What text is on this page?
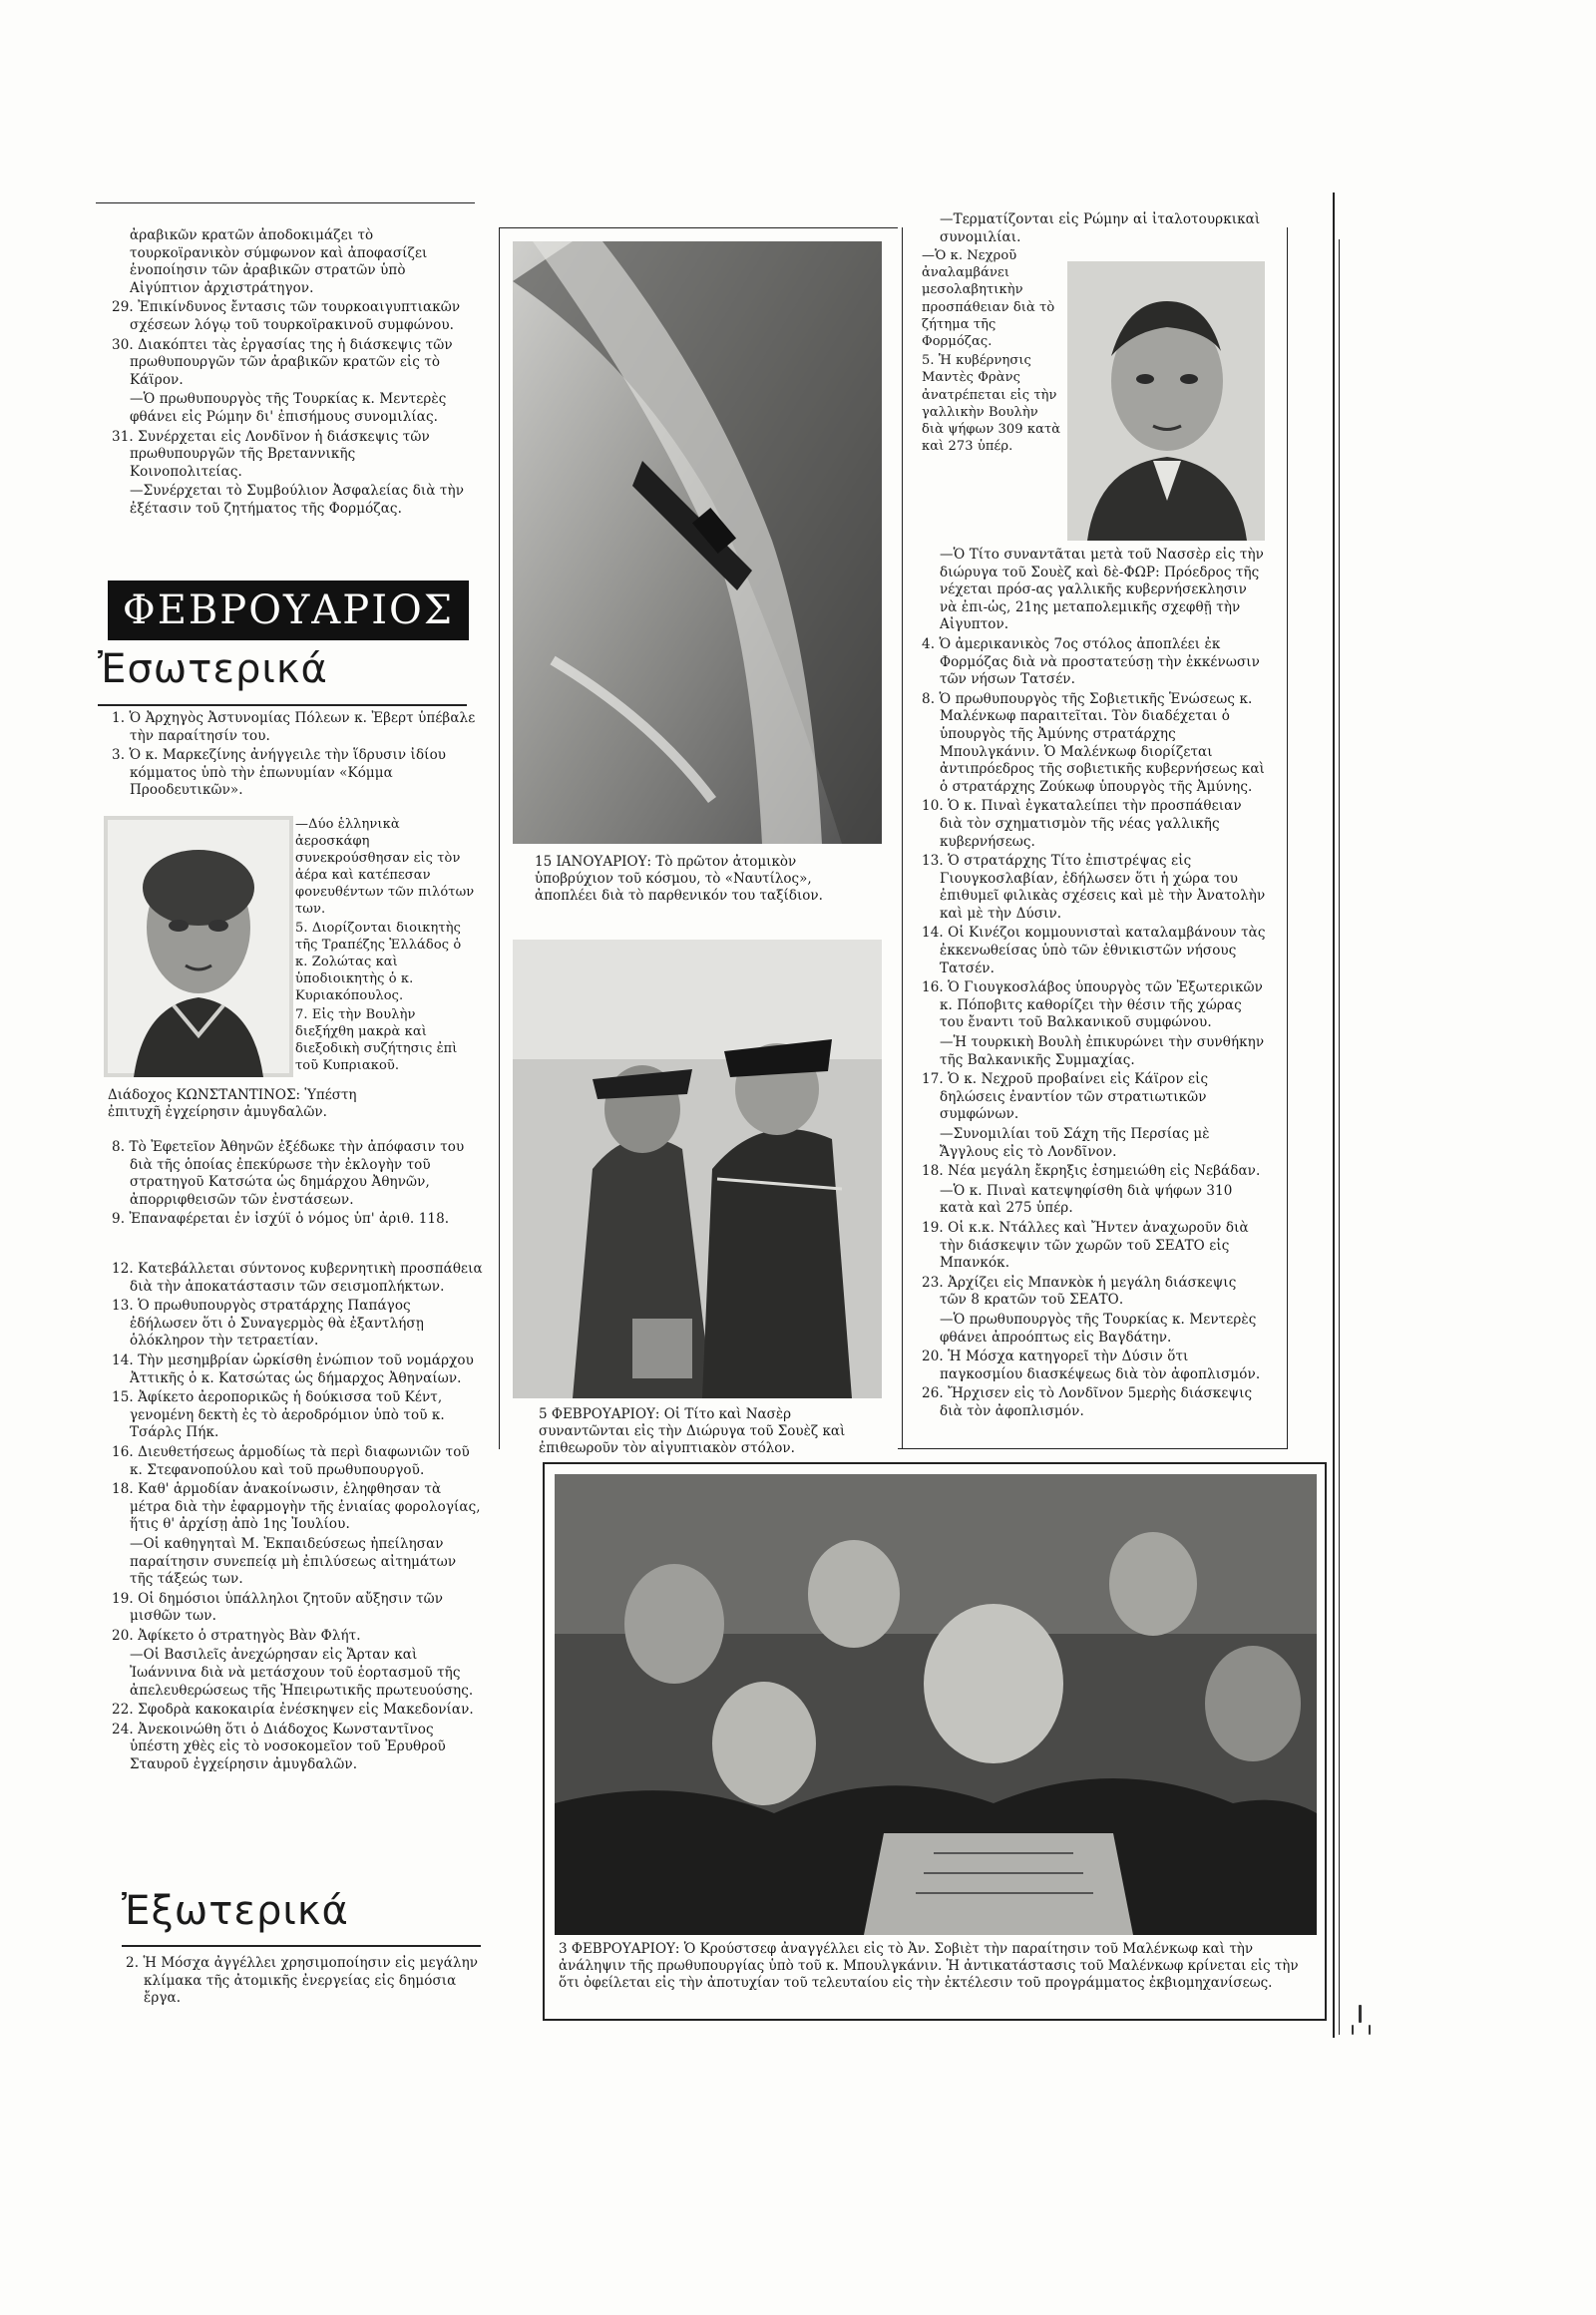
ἀραβικῶν κρατῶν ἀποδοκιμάζει τὸ τουρκοϊρανικὸν σύμφωνον καὶ ἀποφασίζει ἑνοποίησιν τῶν ἀραβικῶν στρατῶν ὑπὸ Αἰγύπτιον ἀρχιστράτηγον.

29. Ἐπικίνδυνος ἔντασις τῶν τουρκοαιγυπτιακῶν σχέσεων λόγῳ τοῦ τουρκοϊρακινοῦ συμφώνου.

30. Διακόπτει τὰς ἐργασίας της ἡ διάσκεψις τῶν πρωθυπουργῶν τῶν ἀραβικῶν κρατῶν εἰς τὸ Κάϊρον.

—Ὁ πρωθυπουργὸς τῆς Τουρκίας κ. Μεντερὲς φθάνει εἰς Ρώμην δι' ἐπισήμους συνομιλίας.

31. Συνέρχεται εἰς Λονδῖνον ἡ διάσκεψις τῶν πρωθυπουργῶν τῆς Βρεταννικῆς Κοινοπολιτείας.

—Συνέρχεται τὸ Συμβούλιον Ἀσφαλείας διὰ τὴν ἐξέτασιν τοῦ ζητήματος τῆς Φορμόζας.

ΦΕΒΡΟΥΑΡΙΟΣ
Ἐσωτερικά

1. Ὁ Ἀρχηγὸς Ἀστυνομίας Πόλεων κ. Ἐβερτ ὑπέβαλε τὴν παραίτησίν του.

3. Ὁ κ. Μαρκεζίνης ἀνήγγειλε τὴν ἵδρυσιν ἰδίου κόμματος ὑπὸ τὴν ἐπωνυμίαν «Κόμμα Προοδευτικῶν».

—Δύο ἑλληνικὰ ἀεροσκάφη συνεκρούσθησαν εἰς τὸν ἀέρα καὶ κατέπεσαν φονευθέντων τῶν πιλότων των.

5. Διορίζονται διοικητὴς τῆς Τραπέζης Ἑλλάδος ὁ κ. Ζολώτας καὶ ὑποδιοικητὴς ὁ κ. Κυριακόπουλος.

7. Εἰς τὴν Βουλὴν διεξήχθη μακρὰ καὶ διεξοδικὴ συζήτησις ἐπὶ τοῦ Κυπριακοῦ.

Διάδοχος ΚΩΝΣΤΑΝΤΙΝΟΣ: Ὑπέστη ἐπιτυχῆ ἐγχείρησιν ἀμυγδαλῶν.

8. Τὸ Ἐφετεῖον Ἀθηνῶν ἐξέδωκε τὴν ἀπόφασιν του διὰ τῆς ὁποίας ἐπεκύρωσε τὴν ἐκλογὴν τοῦ στρατηγοῦ Κατσώτα ὡς δημάρχου Ἀθηνῶν, ἀπορριφθεισῶν τῶν ἐνστάσεων.

9. Ἐπαναφέρεται ἐν ἰσχύϊ ὁ νόμος ὑπ' ἀριθ. 118.

12. Κατεβάλλεται σύντονος κυβερνητικὴ προσπάθεια διὰ τὴν ἀποκατάστασιν τῶν σεισμοπλήκτων.

13. Ὁ πρωθυπουργὸς στρατάρχης Παπάγος ἐδήλωσεν ὅτι ὁ Συναγερμὸς θὰ ἐξαντλήσῃ ὁλόκληρον τὴν τετραετίαν.

14. Τὴν μεσημβρίαν ὡρκίσθη ἐνώπιον τοῦ νομάρχου Ἀττικῆς ὁ κ. Κατσώτας ὡς δήμαρχος Ἀθηναίων.

15. Ἀφίκετο ἀεροπορικῶς ἡ δούκισσα τοῦ Κέντ, γενομένη δεκτὴ ἐς τὸ ἀεροδρόμιον ὑπὸ τοῦ κ. Τσάρλς Πήκ.

16. Διευθετήσεως ἁρμοδίως τὰ περὶ διαφωνιῶν τοῦ κ. Στεφανοπούλου καὶ τοῦ πρωθυπουργοῦ.

18. Καθ' ἁρμοδίαν ἀνακοίνωσιν, ἐληφθησαν τὰ μέτρα διὰ τὴν ἐφαρμογὴν τῆς ἑνιαίας φορολογίας, ἥτις θ' ἀρχίσῃ ἀπὸ 1ης Ἰουλίου.

—Οἱ καθηγηταὶ Μ. Ἐκπαιδεύσεως ἠπείλησαν παραίτησιν συνεπείᾳ μὴ ἐπιλύσεως αἰτημάτων τῆς τάξεώς των.

19. Οἱ δημόσιοι ὑπάλληλοι ζητοῦν αὔξησιν τῶν μισθῶν των.

20. Ἀφίκετο ὁ στρατηγὸς Βὰν Φλήτ.

—Οἱ Βασιλεῖς ἀνεχώρησαν εἰς Ἄρταν καὶ Ἰωάννινα διὰ νὰ μετάσχουν τοῦ ἑορτασμοῦ τῆς ἀπελευθερώσεως τῆς Ἠπειρωτικῆς πρωτευούσης.

22. Σφοδρὰ κακοκαιρία ἐνέσκηψεν εἰς Μακεδονίαν.

24. Ἀνεκοινώθη ὅτι ὁ Διάδοχος Κωνσταντῖνος ὑπέστη χθὲς εἰς τὸ νοσοκομεῖον τοῦ Ἐρυθροῦ Σταυροῦ ἐγχείρησιν ἀμυγδαλῶν.

Ἐξωτερικά

2. Ἡ Μόσχα ἀγγέλλει χρησιμοποίησιν εἰς μεγάλην κλίμακα τῆς ἀτομικῆς ἐνεργείας εἰς δημόσια ἔργα.

15 ΙΑΝΟΥΑΡΙΟΥ: Τὸ πρῶτον ἀτομικὸν ὑποβρύχιον τοῦ κόσμου, τὸ «Ναυτίλος», ἀποπλέει διὰ τὸ παρθενικόν του ταξίδιον.
5 ΦΕΒΡΟΥΑΡΙΟΥ: Οἱ Τίτο καὶ Νασὲρ συναντῶνται εἰς τὴν Διώρυγα τοῦ Σουὲζ καὶ ἐπιθεωροῦν τὸν αἰγυπτιακὸν στόλον.

—Τερματίζονται εἰς Ρώμην αἱ ἰταλοτουρκικαὶ συνομιλίαι.

—Ὁ κ. Νεχροῦ ἀναλαμβάνει μεσολαβητικὴν προσπάθειαν διὰ τὸ ζήτημα τῆς Φορμόζας.

5. Ἡ κυβέρνησις Μαντὲς Φρὰνς ἀνατρέπεται εἰς τὴν γαλλικὴν Βουλὴν διὰ ψήφων 309 κατὰ καὶ 273 ὑπέρ.

—Ὁ Τίτο συναντᾶται μετὰ τοῦ Νασσὲρ εἰς τὴν διώρυγα τοῦ Σουὲζ καὶ δὲ-ΦΩΡ: Πρόεδρος τῆς νέχεται πρόσ-ας γαλλικῆς κυβερνήσεκλησιν νὰ ἐπι-ὡς, 21ης μεταπολεμικῆς σχεφθῇ τὴν Αἰγυπτον.

4. Ὁ ἀμερικανικὸς 7ος στόλος ἀποπλέει ἐκ Φορμόζας διὰ νὰ προστατεύσῃ τὴν ἐκκένωσιν τῶν νήσων Τατσέν.

8. Ὁ πρωθυπουργὸς τῆς Σοβιετικῆς Ἑνώσεως κ. Μαλένκωφ παραιτεῖται. Τὸν διαδέχεται ὁ ὑπουργὸς τῆς Ἀμύνης στρατάρχης Μπουλγκάνιν. Ὁ Μαλένκωφ διορίζεται ἀντιπρόεδρος τῆς σοβιετικῆς κυβερνήσεως καὶ ὁ στρατάρχης Ζούκωφ ὑπουργὸς τῆς Ἀμύνης.

10. Ὁ κ. Πιναὶ ἐγκαταλείπει τὴν προσπάθειαν διὰ τὸν σχηματισμὸν τῆς νέας γαλλικῆς κυβερνήσεως.

13. Ὁ στρατάρχης Τίτο ἐπιστρέψας εἰς Γιουγκοσλαβίαν, ἐδήλωσεν ὅτι ἡ χώρα του ἐπιθυμεῖ φιλικὰς σχέσεις καὶ μὲ τὴν Ἀνατολὴν καὶ μὲ τὴν Δύσιν.

14. Οἱ Κινέζοι κομμουνισταὶ καταλαμβάνουν τὰς ἐκκενωθείσας ὑπὸ τῶν ἐθνικιστῶν νήσους Τατσέν.

16. Ὁ Γιουγκοσλάβος ὑπουργὸς τῶν Ἐξωτερικῶν κ. Πόποβιτς καθορίζει τὴν θέσιν τῆς χώρας του ἔναντι τοῦ Βαλκανικοῦ συμφώνου.

—Ἡ τουρκικὴ Βουλὴ ἐπικυρώνει τὴν συνθήκην τῆς Βαλκανικῆς Συμμαχίας.

17. Ὁ κ. Νεχροῦ προβαίνει εἰς Κάϊρον εἰς δηλώσεις ἐναντίον τῶν στρατιωτικῶν συμφώνων.

—Συνομιλίαι τοῦ Σάχη τῆς Περσίας μὲ Ἄγγλους εἰς τὸ Λονδῖνον.

18. Νέα μεγάλη ἔκρηξις ἐσημειώθη εἰς Νεβάδαν.

—Ὁ κ. Πιναὶ κατεψηφίσθη διὰ ψήφων 310 κατὰ καὶ 275 ὑπέρ.

19. Οἱ κ.κ. Ντάλλες καὶ Ἤντεν ἀναχωροῦν διὰ τὴν διάσκεψιν τῶν χωρῶν τοῦ ΣΕΑΤΟ εἰς Μπανκόκ.

23. Ἀρχίζει εἰς Μπανκὸκ ἡ μεγάλη διάσκεψις τῶν 8 κρατῶν τοῦ ΣΕΑΤΟ.

—Ὁ πρωθυπουργὸς τῆς Τουρκίας κ. Μεντερὲς φθάνει ἀπροόπτως εἰς Βαγδάτην.

20. Ἡ Μόσχα κατηγορεῖ τὴν Δύσιν ὅτι παγκοσμίου διασκέψεως διὰ τὸν ἀφοπλισμόν.

26. Ἤρχισεν εἰς τὸ Λονδῖνον 5μερὴς διάσκεψις διὰ τὸν ἀφοπλισμόν.

3 ΦΕΒΡΟΥΑΡΙΟΥ: Ὁ Κρούστσεφ ἀναγγέλλει εἰς τὸ Ἀν. Σοβιὲτ τὴν παραίτησιν τοῦ Μαλένκωφ καὶ τὴν ἀνάληψιν τῆς πρωθυπουργίας ὑπὸ τοῦ κ. Μπουλγκάνιν. Ἡ ἀντικατάστασις τοῦ Μαλένκωφ κρίνεται εἰς τὴν ὅτι ὀφείλεται εἰς τὴν ἀποτυχίαν τοῦ τελευταίου εἰς τὴν ἐκτέλεσιν τοῦ προγράμματος ἐκβιομηχανίσεως.
